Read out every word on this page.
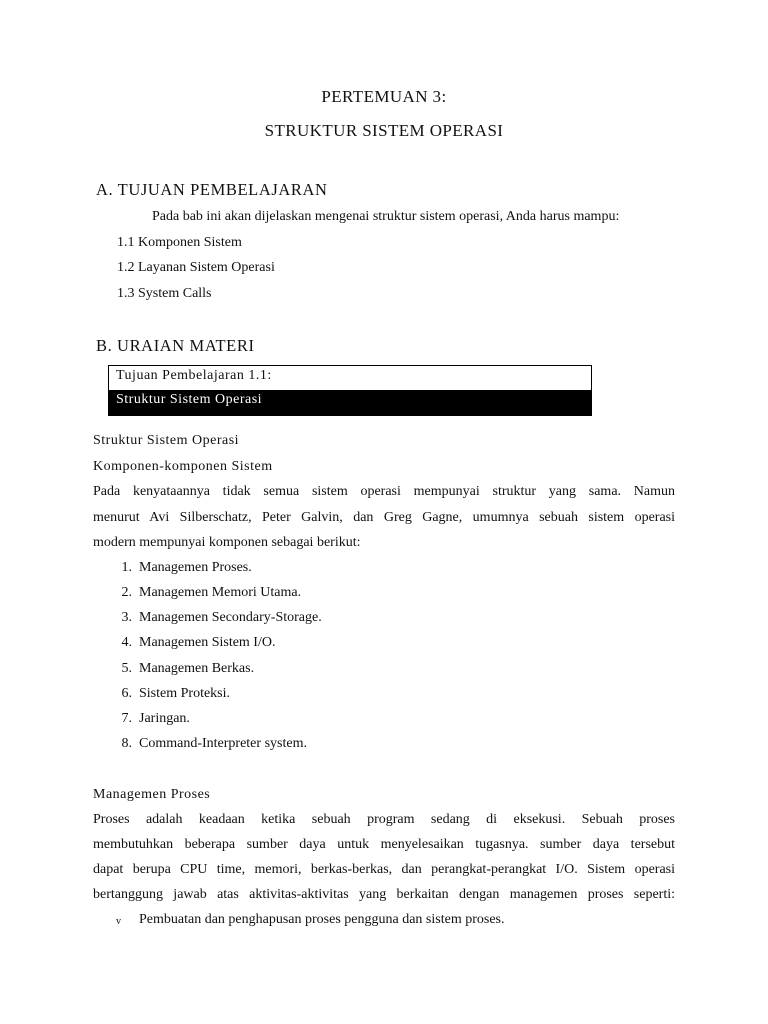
PERTEMUAN 3:
STRUKTUR SISTEM OPERASI
A. TUJUAN PEMBELAJARAN
Pada bab ini akan dijelaskan mengenai struktur sistem operasi, Anda harus mampu:
1.1 Komponen Sistem
1.2 Layanan Sistem Operasi
1.3 System Calls
B. URAIAN MATERI
Tujuan Pembelajaran 1.1:
Struktur Sistem Operasi
Struktur Sistem Operasi
Komponen-komponen Sistem
Pada kenyataannya tidak semua sistem operasi mempunyai struktur yang sama. Namun
menurut Avi Silberschatz, Peter Galvin, dan Greg Gagne, umumnya sebuah sistem operasi
modern mempunyai komponen sebagai berikut:
1. Managemen Proses.
2. Managemen Memori Utama.
3. Managemen Secondary-Storage.
4. Managemen Sistem I/O.
5. Managemen Berkas.
6. Sistem Proteksi.
7. Jaringan.
8. Command-Interpreter system.
Managemen Proses
Proses adalah keadaan ketika sebuah program sedang di eksekusi. Sebuah proses
membutuhkan beberapa sumber daya untuk menyelesaikan tugasnya. sumber daya tersebut
dapat berupa CPU time, memori, berkas-berkas, dan perangkat-perangkat I/O. Sistem operasi
bertanggung jawab atas aktivitas-aktivitas yang berkaitan dengan managemen proses seperti:
v Pembuatan dan penghapusan proses pengguna dan sistem proses.
